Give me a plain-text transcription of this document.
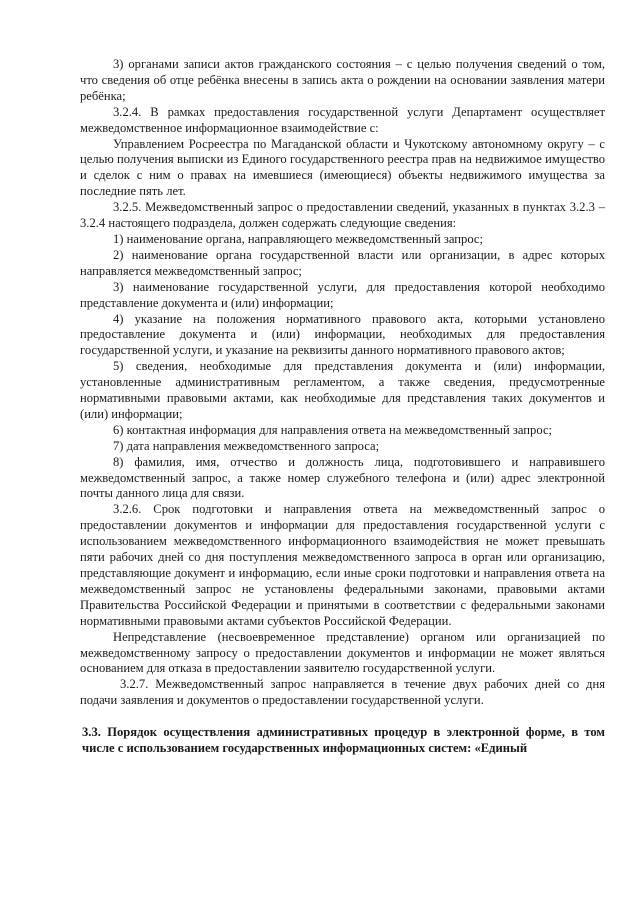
3) органами записи актов гражданского состояния – с целью получения сведений о том, что сведения об отце ребёнка внесены в запись акта о рождении на основании заявления матери ребёнка;

3.2.4. В рамках предоставления государственной услуги Департамент осуществляет межведомственное информационное взаимодействие с:

Управлением Росреестра по Магаданской области и Чукотскому автономному округу – с целью получения выписки из Единого государственного реестра прав на недвижимое имущество и сделок с ним о правах на имевшиеся (имеющиеся) объекты недвижимого имущества за последние пять лет.

3.2.5. Межведомственный запрос о предоставлении сведений, указанных в пунктах 3.2.3 – 3.2.4 настоящего подраздела, должен содержать следующие сведения:

1) наименование органа, направляющего межведомственный запрос;

2) наименование органа государственной власти или организации, в адрес которых направляется межведомственный запрос;

3) наименование государственной услуги, для предоставления которой необходимо представление документа и (или) информации;

4) указание на положения нормативного правового акта, которыми установлено предоставление документа и (или) информации, необходимых для предоставления государственной услуги, и указание на реквизиты данного нормативного правового актов;

5) сведения, необходимые для представления документа и (или) информации, установленные административным регламентом, а также сведения, предусмотренные нормативными правовыми актами, как необходимые для представления таких документов и (или) информации;

6) контактная информация для направления ответа на межведомственный запрос;

7) дата направления межведомственного запроса;

8) фамилия, имя, отчество и должность лица, подготовившего и направившего межведомственный запрос, а также номер служебного телефона и (или) адрес электронной почты данного лица для связи.

3.2.6. Срок подготовки и направления ответа на межведомственный запрос о предоставлении документов и информации для предоставления государственной услуги с использованием межведомственного информационного взаимодействия не может превышать пяти рабочих дней со дня поступления межведомственного запроса в орган или организацию, представляющие документ и информацию, если иные сроки подготовки и направления ответа на межведомственный запрос не установлены федеральными законами, правовыми актами Правительства Российской Федерации и принятыми в соответствии с федеральными законами нормативными правовыми актами субъектов Российской Федерации.

Непредставление (несвоевременное представление) органом или организацией по межведомственному запросу о предоставлении документов и информации не может являться основанием для отказа в предоставлении заявителю государственной услуги.

3.2.7. Межведомственный запрос направляется в течение двух рабочих дней со дня подачи заявления и документов о предоставлении государственной услуги.

3.3. Порядок осуществления административных процедур в электронной форме, в том числе с использованием государственных информационных систем: «Единый
